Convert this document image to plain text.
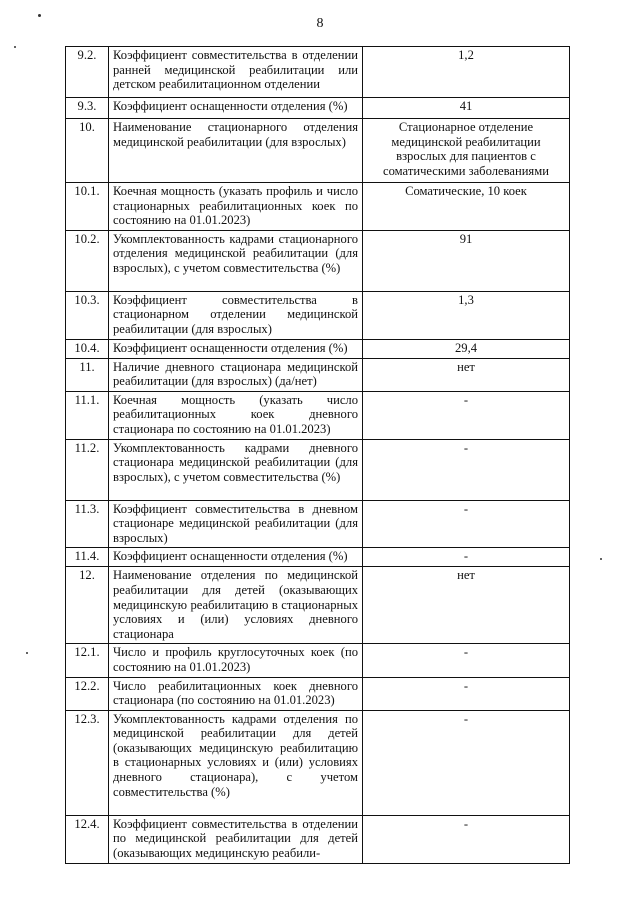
8
9.2.	Коэффициент совместительства в отделении ранней медицинской реабилитации или детском реабилитационном отделении	1,2
9.3.	Коэффициент оснащенности отделения (%)	41
10.	Наименование стационарного отделения медицинской реабилитации (для взрослых)	Стационарное отделение медицинской реабилитации взрослых для пациентов с соматическими заболеваниями
10.1.	Коечная мощность (указать профиль и число стационарных реабилитационных коек по состоянию на 01.01.2023)	Соматические, 10 коек
10.2.	Укомплектованность кадрами стационарного отделения медицинской реабилитации (для взрослых), с учетом совместительства (%)	91
10.3.	Коэффициент совместительства в стационарном отделении медицинской реабилитации (для взрослых)	1,3
10.4.	Коэффициент оснащенности отделения (%)	29,4
11.	Наличие дневного стационара медицинской реабилитации (для взрослых) (да/нет)	нет
11.1.	Коечная мощность (указать число реабилитационных коек дневного стационара по состоянию на 01.01.2023)	-
11.2.	Укомплектованность кадрами дневного стационара медицинской реабилитации (для взрослых), с учетом совместительства (%)	-
11.3.	Коэффициент совместительства в дневном стационаре медицинской реабилитации (для взрослых)	-
11.4.	Коэффициент оснащенности отделения (%)	-
12.	Наименование отделения по медицинской реабилитации для детей (оказывающих медицинскую реабилитацию в стационарных условиях и (или) условиях дневного стационара	нет
12.1.	Число и профиль круглосуточных коек (по состоянию на 01.01.2023)	-
12.2.	Число реабилитационных коек дневного стационара (по состоянию на 01.01.2023)	-
12.3.	Укомплектованность кадрами отделения по медицинской реабилитации для детей (оказывающих медицинскую реабилитацию в стационарных условиях и (или) условиях дневного стационара), с учетом совместительства (%)	-
12.4.	Коэффициент совместительства в отделении по медицинской реабилитации для детей (оказывающих медицинскую реабили-	-
